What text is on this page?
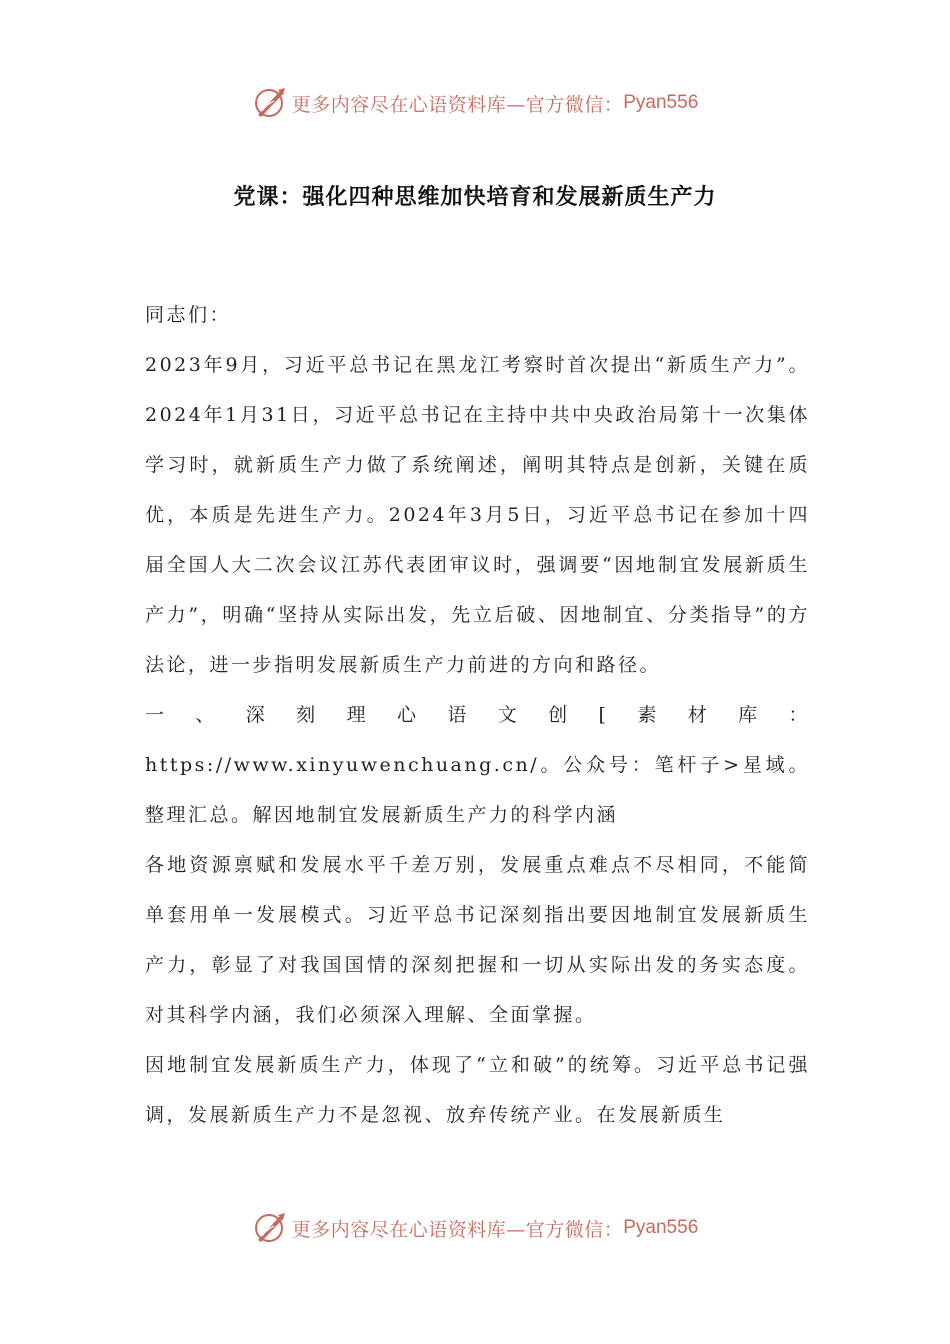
更多内容尽在心语资料库—官方微信： Pyan556
党课：强化四种思维加快培育和发展新质生产力

同志们：

2023年9月，习近平总书记在黑龙江考察时首次提出“新质生产力”。2024年1月31日，习近平总书记在主持中共中央政治局第十一次集体学习时，就新质生产力做了系统阐述，阐明其特点是创新，关键在质优，本质是先进生产力。2024年3月5日，习近平总书记在参加十四届全国人大二次会议江苏代表团审议时，强调要“因地制宜发展新质生产力”，明确“坚持从实际出发，先立后破、因地制宜、分类指导”的方法论，进一步指明发展新质生产力前进的方向和路径。

一、深刻理心语文创[素材库：https://www.xinyuwenchuang.cn/。公众号：笔杆子>星域。整理汇总。解因地制宜发展新质生产力的科学内涵

各地资源禀赋和发展水平千差万别，发展重点难点不尽相同，不能简单套用单一发展模式。习近平总书记深刻指出要因地制宜发展新质生产力，彰显了对我国国情的深刻把握和一切从实际出发的务实态度。对其科学内涵，我们必须深入理解、全面掌握。

因地制宜发展新质生产力，体现了“立和破”的统筹。习近平总书记强调，发展新质生产力不是忽视、放弃传统产业。在发展新质生

更多内容尽在心语资料库—官方微信： Pyan556
